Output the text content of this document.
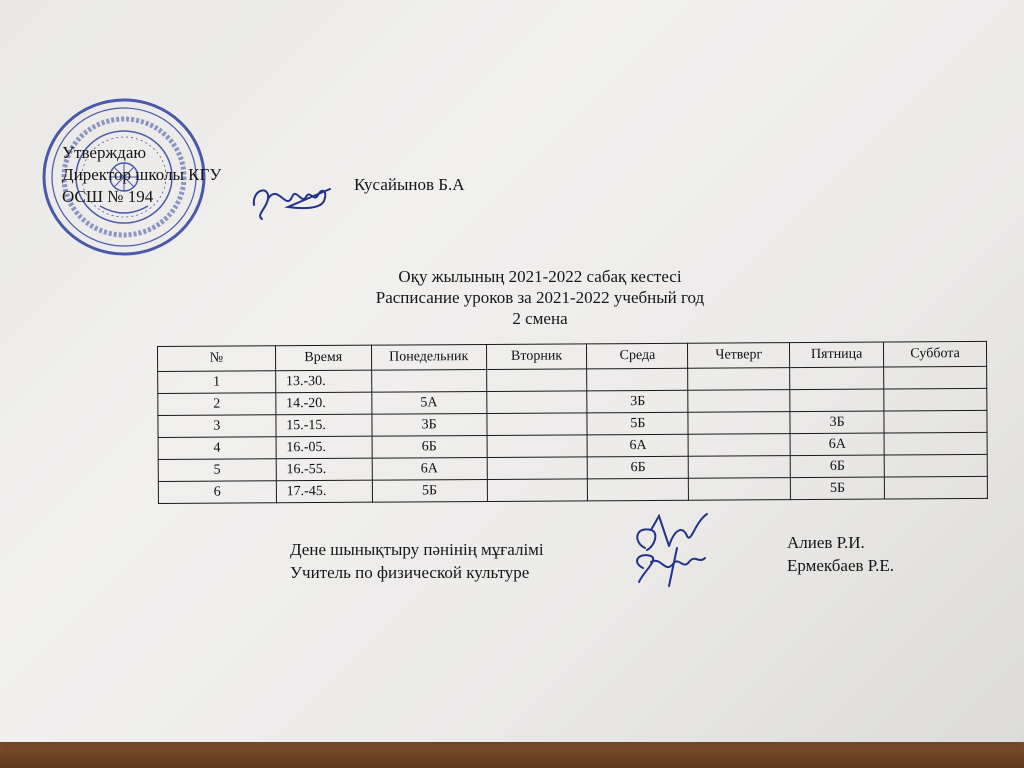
Утверждаю
Директор школы КГУ
ОСШ № 194
Кусайынов Б.А
Оқу жылының 2021-2022 сабақ кестесі
Расписание уроков за 2021-2022 учебный год
2 смена
№	Время	Понедельник	Вторник	Среда	Четверг	Пятница	Суббота
1	13.-30.						
2	14.-20.	5А		3Б			
3	15.-15.	3Б		5Б		3Б	
4	16.-05.	6Б		6А		6А	
5	16.-55.	6А		6Б		6Б	
6	17.-45.	5Б				5Б	
Дене шынықтыру пәнінің мұғалімі
Учитель по физической культуре
Алиев Р.И.
Ермекбаев Р.Е.
